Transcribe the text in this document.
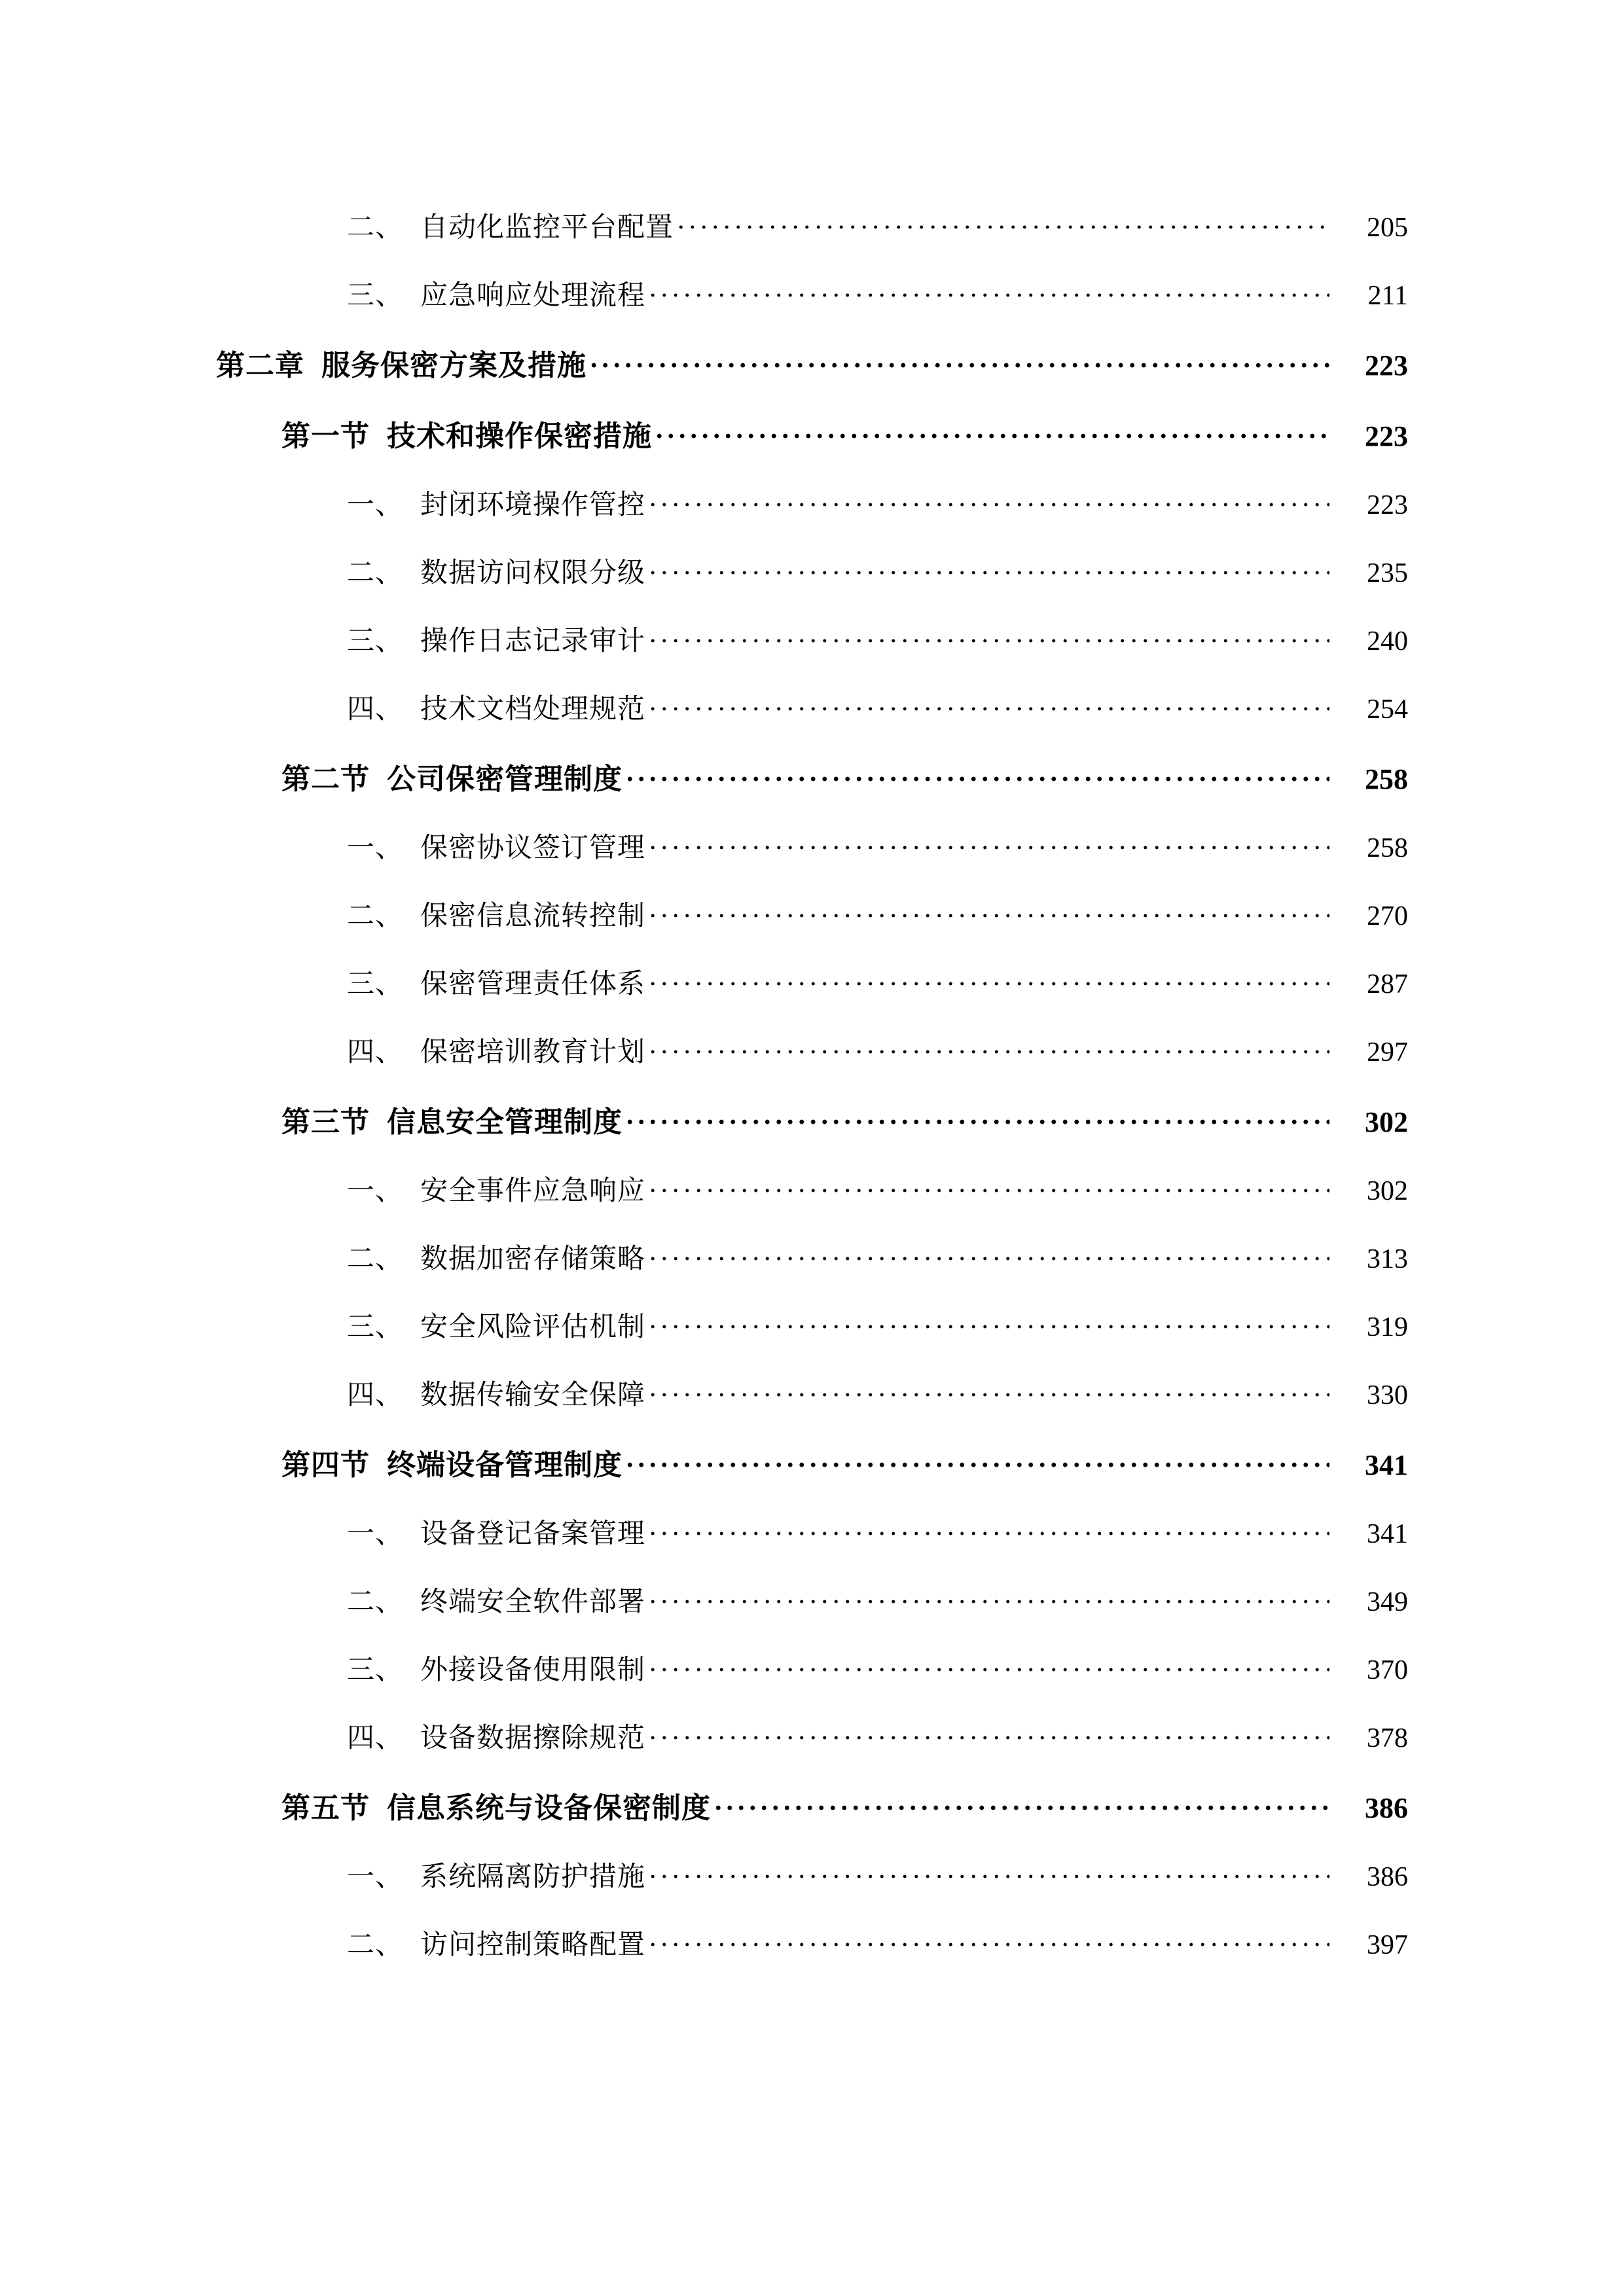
二、 自动化监控平台配置 .....	205
三、 应急响应处理流程 .....	211
第二章 服务保密方案及措施 .....	223
第一节 技术和操作保密措施 .....	223
一、 封闭环境操作管控 .....	223
二、 数据访问权限分级 .....	235
三、 操作日志记录审计 .....	240
四、 技术文档处理规范 .....	254
第二节 公司保密管理制度 .....	258
一、 保密协议签订管理 .....	258
二、 保密信息流转控制 .....	270
三、 保密管理责任体系 .....	287
四、 保密培训教育计划 .....	297
第三节 信息安全管理制度 .....	302
一、 安全事件应急响应 .....	302
二、 数据加密存储策略 .....	313
三、 安全风险评估机制 .....	319
四、 数据传输安全保障 .....	330
第四节 终端设备管理制度 .....	341
一、 设备登记备案管理 .....	341
二、 终端安全软件部署 .....	349
三、 外接设备使用限制 .....	370
四、 设备数据擦除规范 .....	378
第五节 信息系统与设备保密制度 .....	386
一、 系统隔离防护措施 .....	386
二、 访问控制策略配置 .....	397
